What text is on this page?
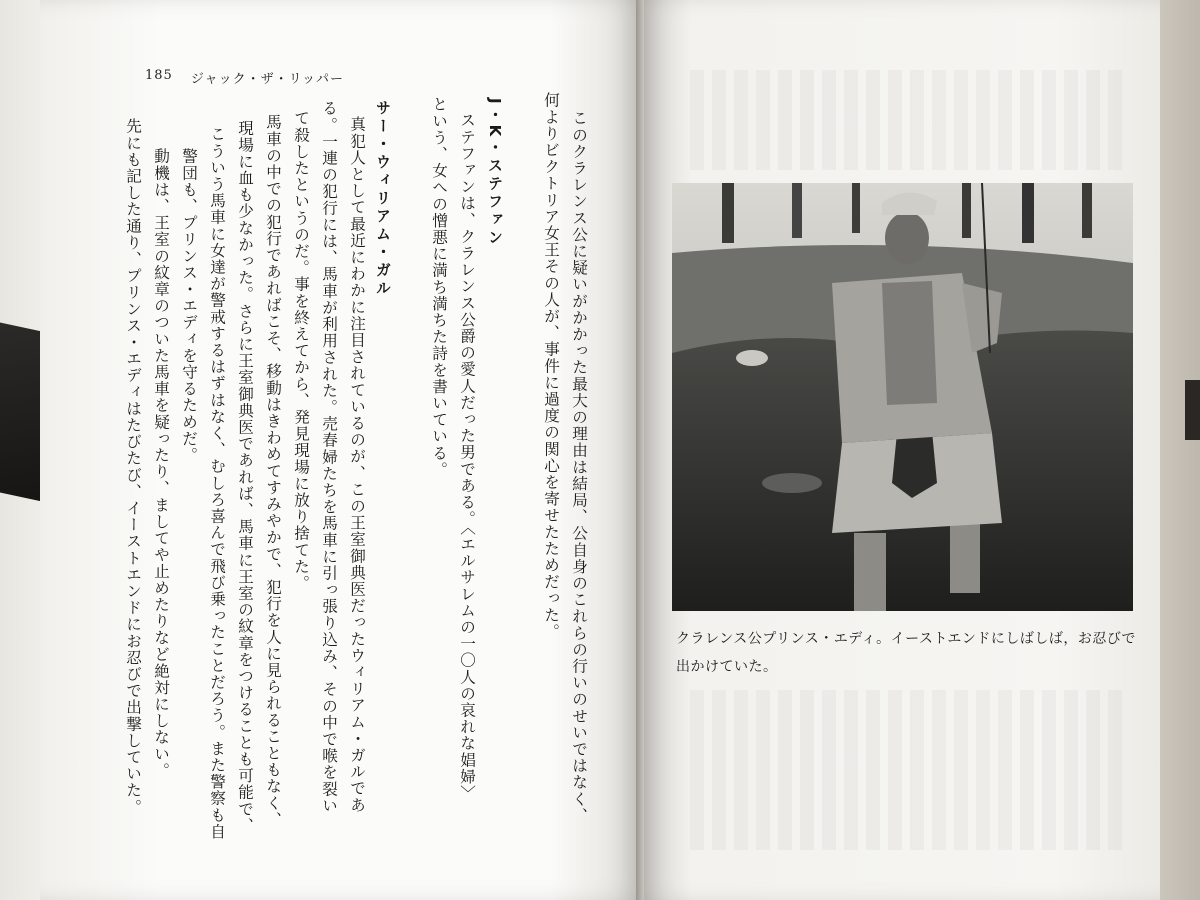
185 ジャック・ザ・リッパー
先にも記した通り、プリンス・エディはたびたび、イーストエンドにお忍びで出撃していた。 動機は、王室の紋章のついた馬車を疑ったり、ましてや止めたりなど絶対にしない。 警団も、プリンス・エディを守るためだ。 こういう馬車に女達が警戒するはずはなく、むしろ喜んで飛び乗ったことだろう。また警察も自 現場に血も少なかった。さらに王室御典医であれば、馬車に王室の紋章をつけることも可能で、 馬車の中での犯行であればこそ、移動はきわめてすみやかで、犯行を人に見られることもなく、 て殺したというのだ。事を終えてから、発見現場に放り捨てた。 る。一連の犯行には、馬車が利用された。売春婦たちを馬車に引っ張り込み、その中で喉を裂い 真犯人として最近にわかに注目されているのが、この王室御典医だったウィリアム・ガルであ サー・ウィリアム・ガル という、女への憎悪に満ち満ちた詩を書いている。 ステファンは、クラレンス公爵の愛人だった男である。〈エルサレムの一〇人の哀れな娼婦〉 J・K・ステファン 何よりビクトリア女王その人が、事件に過度の関心を寄せたためだった。 このクラレンス公に疑いがかかった最大の理由は結局、公自身のこれらの行いのせいではなく、	クラレンス公プリンス・エディ。イーストエンドにしばしば，お忍びで出かけていた。
